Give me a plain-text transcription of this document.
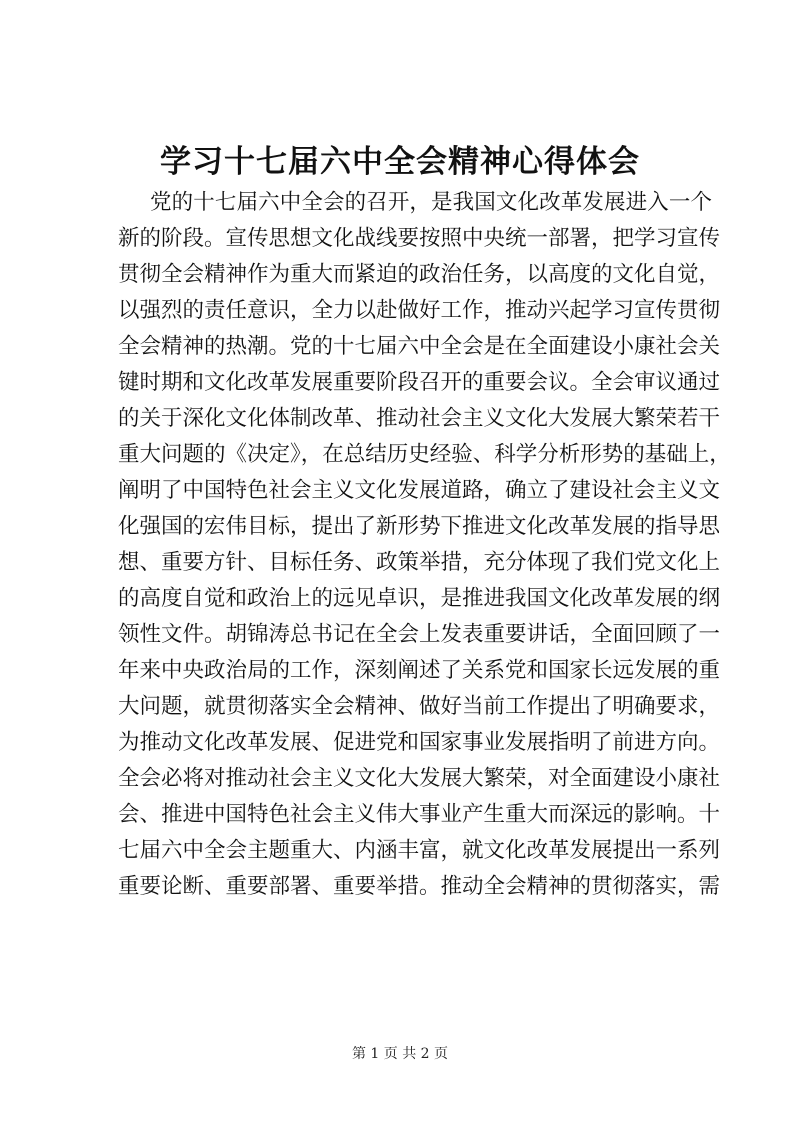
学习十七届六中全会精神心得体会
党的十七届六中全会的召开，是我国文化改革发展进入一个
新的阶段。宣传思想文化战线要按照中央统一部署，把学习宣传
贯彻全会精神作为重大而紧迫的政治任务，以高度的文化自觉，
以强烈的责任意识，全力以赴做好工作，推动兴起学习宣传贯彻
全会精神的热潮。党的十七届六中全会是在全面建设小康社会关
键时期和文化改革发展重要阶段召开的重要会议。全会审议通过
的关于深化文化体制改革、推动社会主义文化大发展大繁荣若干
重大问题的《决定》，在总结历史经验、科学分析形势的基础上，
阐明了中国特色社会主义文化发展道路，确立了建设社会主义文
化强国的宏伟目标，提出了新形势下推进文化改革发展的指导思
想、重要方针、目标任务、政策举措，充分体现了我们党文化上
的高度自觉和政治上的远见卓识，是推进我国文化改革发展的纲
领性文件。胡锦涛总书记在全会上发表重要讲话，全面回顾了一
年来中央政治局的工作，深刻阐述了关系党和国家长远发展的重
大问题，就贯彻落实全会精神、做好当前工作提出了明确要求，
为推动文化改革发展、促进党和国家事业发展指明了前进方向。
全会必将对推动社会主义文化大发展大繁荣，对全面建设小康社
会、推进中国特色社会主义伟大事业产生重大而深远的影响。十
七届六中全会主题重大、内涵丰富，就文化改革发展提出一系列
重要论断、重要部署、重要举措。推动全会精神的贯彻落实，需
第 1 页 共 2 页
